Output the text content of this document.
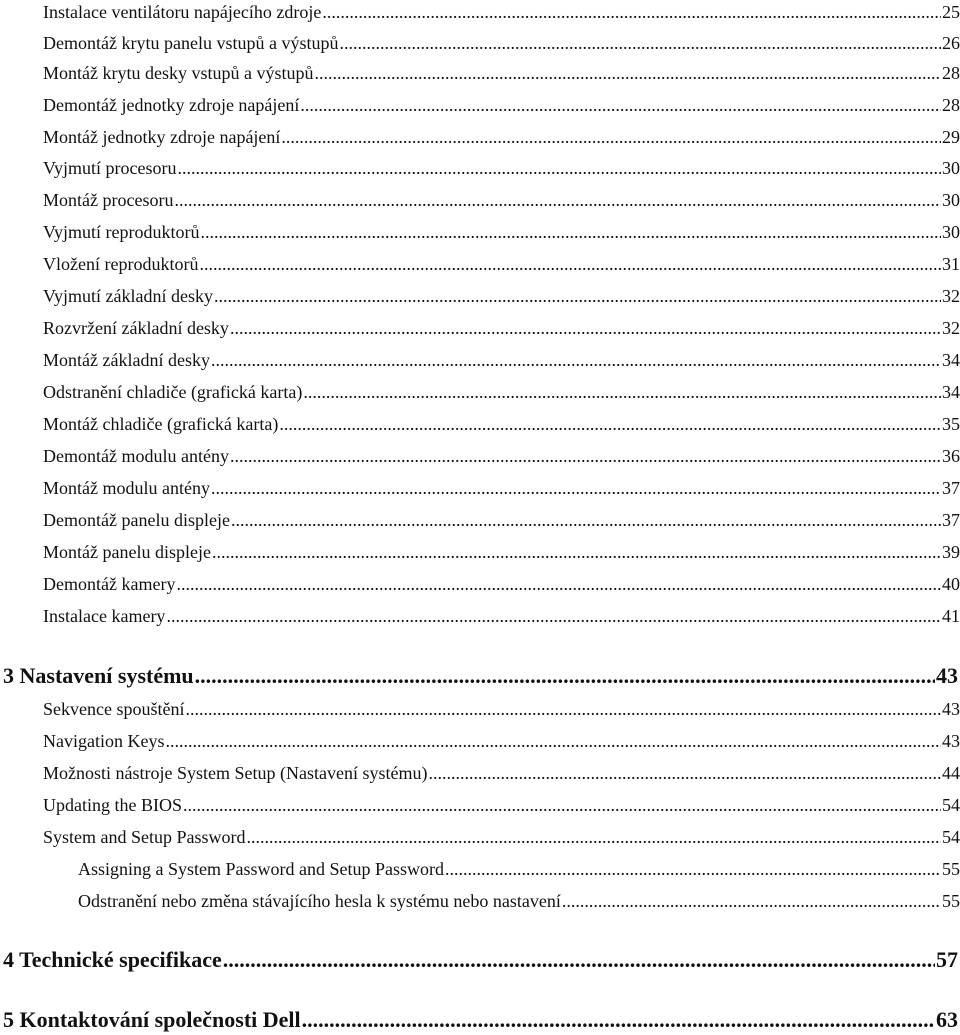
Instalace ventilátoru napájecího zdroje .....	25
Demontáž krytu panelu vstupů a výstupů .....	26
Montáž krytu desky vstupů a výstupů .....	28
Demontáž jednotky zdroje napájení .....	28
Montáž jednotky zdroje napájení .....	29
Vyjmutí procesoru .....	30
Montáž procesoru .....	30
Vyjmutí reproduktorů .....	30
Vložení reproduktorů .....	31
Vyjmutí základní desky .....	32
Rozvržení základní desky .....	32
Montáž základní desky .....	34
Odstranění chladiče (grafická karta) .....	34
Montáž chladiče (grafická karta) .....	35
Demontáž modulu antény .....	36
Montáž modulu antény .....	37
Demontáž panelu displeje .....	37
Montáž panelu displeje .....	39
Demontáž kamery .....	40
Instalace kamery .....	41
3 Nastavení systému .....	43
Sekvence spouštění .....	43
Navigation Keys .....	43
Možnosti nástroje System Setup (Nastavení systému) .....	44
Updating the BIOS .....	54
System and Setup Password .....	54
Assigning a System Password and Setup Password .....	55
Odstranění nebo změna stávajícího hesla k systému nebo nastavení .....	55
4 Technické specifikace .....	57
5 Kontaktování společnosti Dell .....	63
